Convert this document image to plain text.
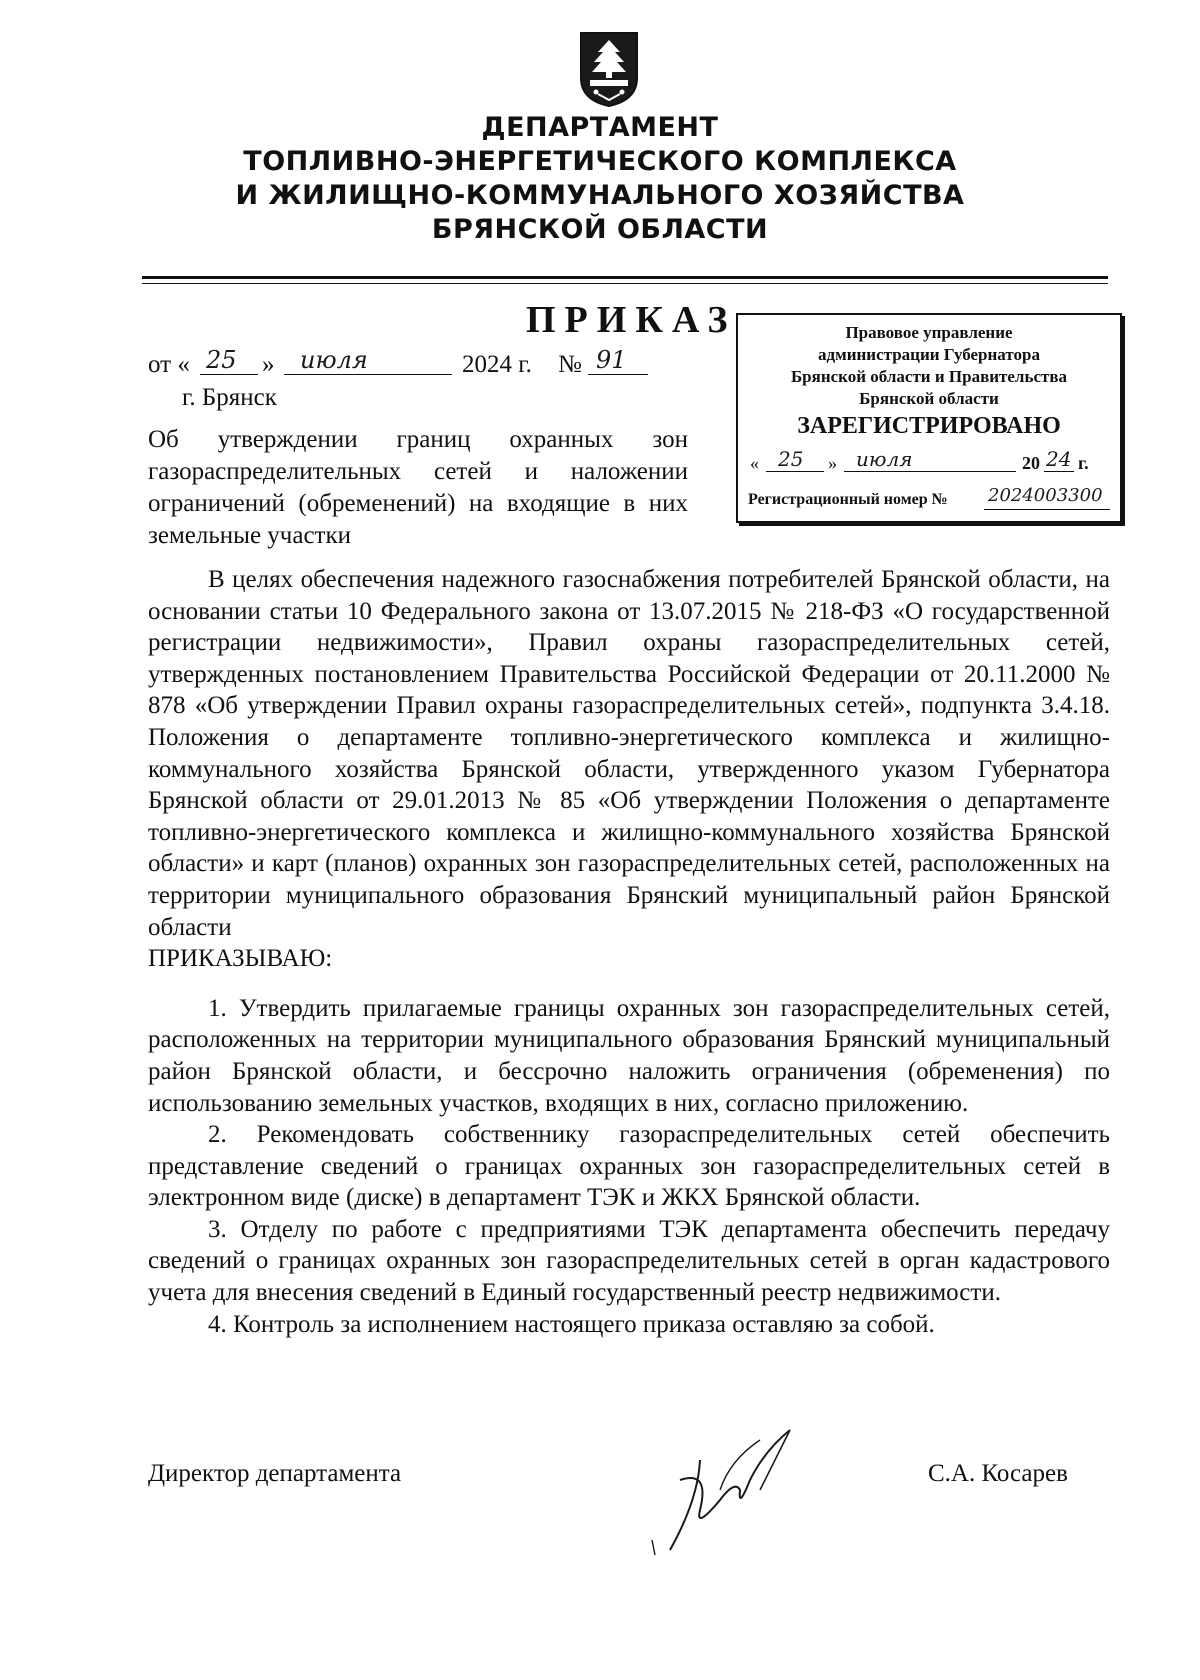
ДЕПАРТАМЕНТ
ТОПЛИВНО-ЭНЕРГЕТИЧЕСКОГО КОМПЛЕКСА
И ЖИЛИЩНО-КОММУНАЛЬНОГО ХОЗЯЙСТВА
БРЯНСКОЙ ОБЛАСТИ
ПРИКАЗ
от « 25 » июля	2024 г. № 91
г. Брянск
Об утверждении границ охранных зон газораспределительных сетей и наложении ограничений (обременений) на входящие в них земельные участки
Правовое управление
администрации Губернатора
Брянской области и Правительства
Брянской области
ЗАРЕГИСТРИРОВАНО
« 25 » июля	20 24 г.
Регистрационный номер № 2024003300

В целях обеспечения надежного газоснабжения потребителей Брянской области, на основании статьи 10 Федерального закона от 13.07.2015 № 218-ФЗ «О государственной регистрации недвижимости», Правил охраны газораспределительных сетей, утвержденных постановлением Правительства Российской Федерации от 20.11.2000 № 878 «Об утверждении Правил охраны газораспределительных сетей», подпункта 3.4.18. Положения о департаменте топливно-энергетического комплекса и жилищно-коммунального хозяйства Брянской области, утвержденного указом Губернатора Брянской области от 29.01.2013 № 85 «Об утверждении Положения о департаменте топливно-энергетического комплекса и жилищно-коммунального хозяйства Брянской области» и карт (планов) охранных зон газораспределительных сетей, расположенных на территории муниципального образования Брянский муниципальный район Брянской области

ПРИКАЗЫВАЮ:

1. Утвердить прилагаемые границы охранных зон газораспределительных сетей, расположенных на территории муниципального образования Брянский муниципальный район Брянской области, и бессрочно наложить ограничения (обременения) по использованию земельных участков, входящих в них, согласно приложению.

2. Рекомендовать собственнику газораспределительных сетей обеспечить представление сведений о границах охранных зон газораспределительных сетей в электронном виде (диске) в департамент ТЭК и ЖКХ Брянской области.

3. Отделу по работе с предприятиями ТЭК департамента обеспечить передачу сведений о границах охранных зон газораспределительных сетей в орган кадастрового учета для внесения сведений в Единый государственный реестр недвижимости.

4. Контроль за исполнением настоящего приказа оставляю за собой.

Директор департамента	С.А. Косарев
